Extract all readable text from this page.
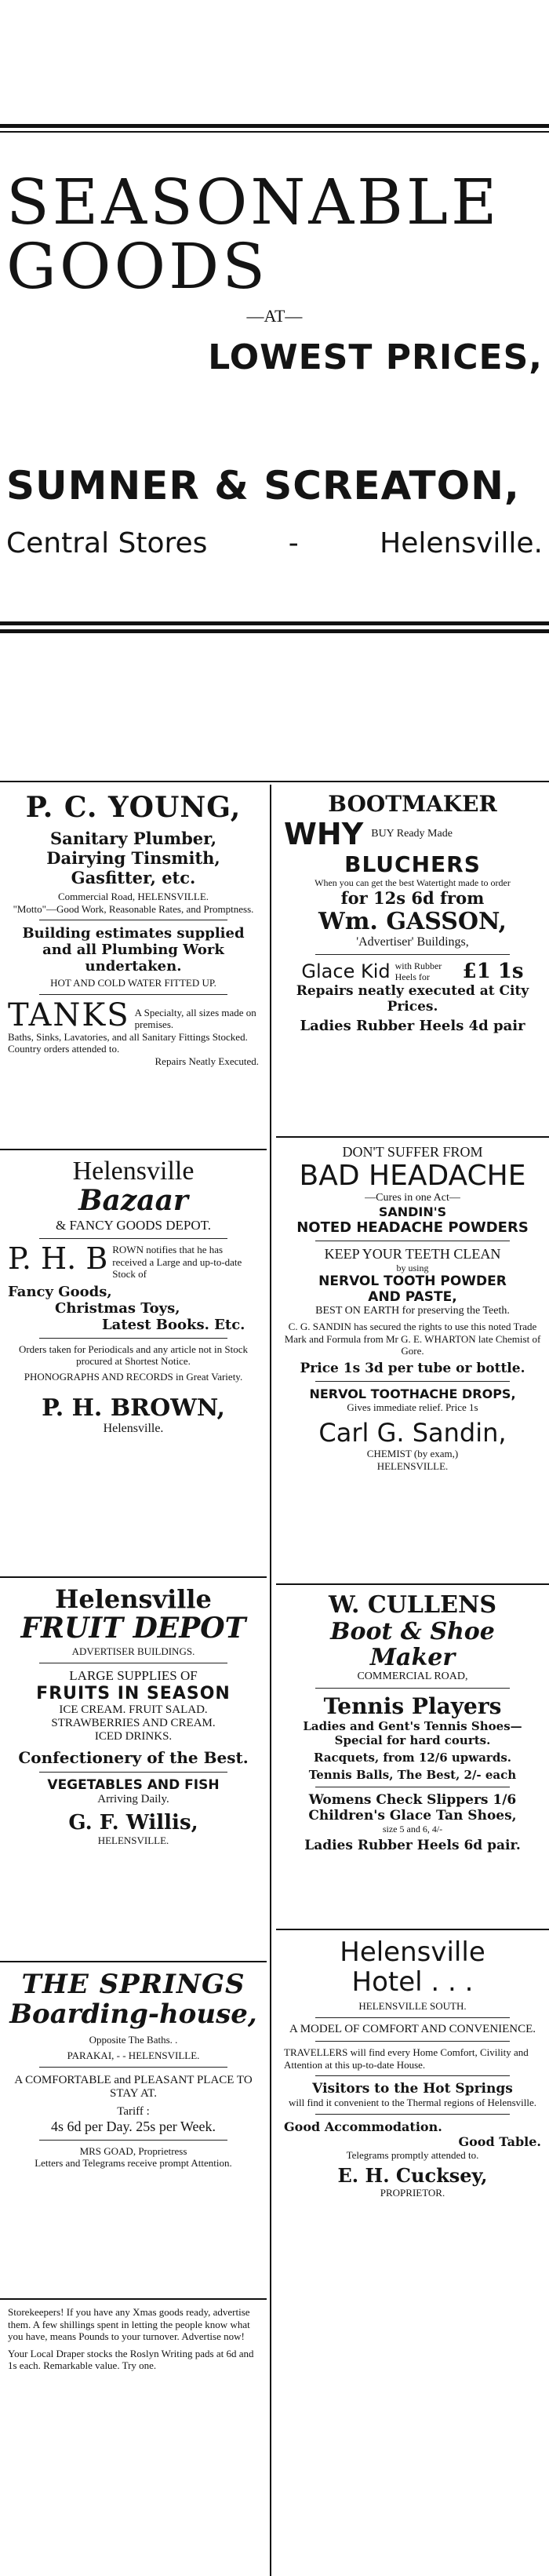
SEASONABLE
GOODS
—AT—
LOWEST PRICES,
SUMNER & SCREATON,
Central Stores	-	Helensville.

P. C. YOUNG,

Sanitary Plumber,

Dairying Tinsmith,

Gasfitter, etc.

Commercial Road, HELENSVILLE.

"Motto"—Good Work, Reasonable Rates, and Promptness.

Building estimates supplied and all Plumbing Work undertaken.

HOT AND COLD WATER FITTED UP.

TANKS A Specialty, all sizes made on premises.

Baths, Sinks, Lavatories, and all Sanitary Fittings Stocked.

Country orders attended to.

Repairs Neatly Executed.

Helensville

Bazaar

& FANCY GOODS DEPOT.

P. H. B ROWN notifies that he has received a Large and up-to-date Stock of

Fancy Goods,

Christmas Toys,

Latest Books. Etc.

Orders taken for Periodicals and any article not in Stock procured at Shortest Notice.

PHONOGRAPHS AND RECORDS in Great Variety.

P. H. BROWN,

Helensville.

Helensville

FRUIT DEPOT

ADVERTISER BUILDINGS.

LARGE SUPPLIES OF

FRUITS IN SEASON

ICE CREAM. FRUIT SALAD.

STRAWBERRIES AND CREAM.

ICED DRINKS.

Confectionery of the Best.

VEGETABLES AND FISH

Arriving Daily.

G. F. Willis,

HELENSVILLE.

THE SPRINGS

Boarding-house,

Opposite The Baths. .

PARAKAI, - - HELENSVILLE.

A COMFORTABLE and PLEASANT PLACE TO STAY AT.

Tariff :

4s 6d per Day. 25s per Week.

MRS GOAD, Proprietress

Letters and Telegrams receive prompt Attention.

Storekeepers! If you have any Xmas goods ready, advertise them. A few shillings spent in letting the people know what you have, means Pounds to your turnover. Advertise now!

Your Local Draper stocks the Roslyn Writing pads at 6d and 1s each. Remarkable value. Try one.

BOOTMAKER

WHY BUY Ready Made

BLUCHERS

When you can get the best Watertight made to order

for 12s 6d from

Wm. GASSON,

'Advertiser' Buildings,

Glace Kid with Rubber Heels for	£1 1s

Repairs neatly executed at City Prices.

Ladies Rubber Heels 4d pair

DON'T SUFFER FROM

BAD HEADACHE

—Cures in one Act—

SANDIN'S

NOTED HEADACHE POWDERS

KEEP YOUR TEETH CLEAN

by using

NERVOL TOOTH POWDER

AND PASTE,

BEST ON EARTH for preserving the Teeth.

C. G. SANDIN has secured the rights to use this noted Trade Mark and Formula from Mr G. E. WHARTON late Chemist of Gore.

Price 1s 3d per tube or bottle.

NERVOL TOOTHACHE DROPS,

Gives immediate relief. Price 1s

Carl G. Sandin,

CHEMIST (by exam,)

HELENSVILLE.

W. CULLENS

Boot & Shoe Maker

COMMERCIAL ROAD,

Tennis Players

Ladies and Gent's Tennis Shoes—Special for hard courts.

Racquets, from 12/6 upwards.

Tennis Balls, The Best, 2/- each

Womens Check Slippers 1/6

Children's Glace Tan Shoes,

size 5 and 6, 4/-

Ladies Rubber Heels 6d pair.

Helensville

Hotel . . .

HELENSVILLE SOUTH.

A MODEL OF COMFORT AND CONVENIENCE.

TRAVELLERS will find every Home Comfort, Civility and Attention at this up-to-date House.

Visitors to the Hot Springs

will find it convenient to the Thermal regions of Helensville.

Good Accommodation.

Good Table.

Telegrams promptly attended to.

E. H. Cucksey,

PROPRIETOR.
